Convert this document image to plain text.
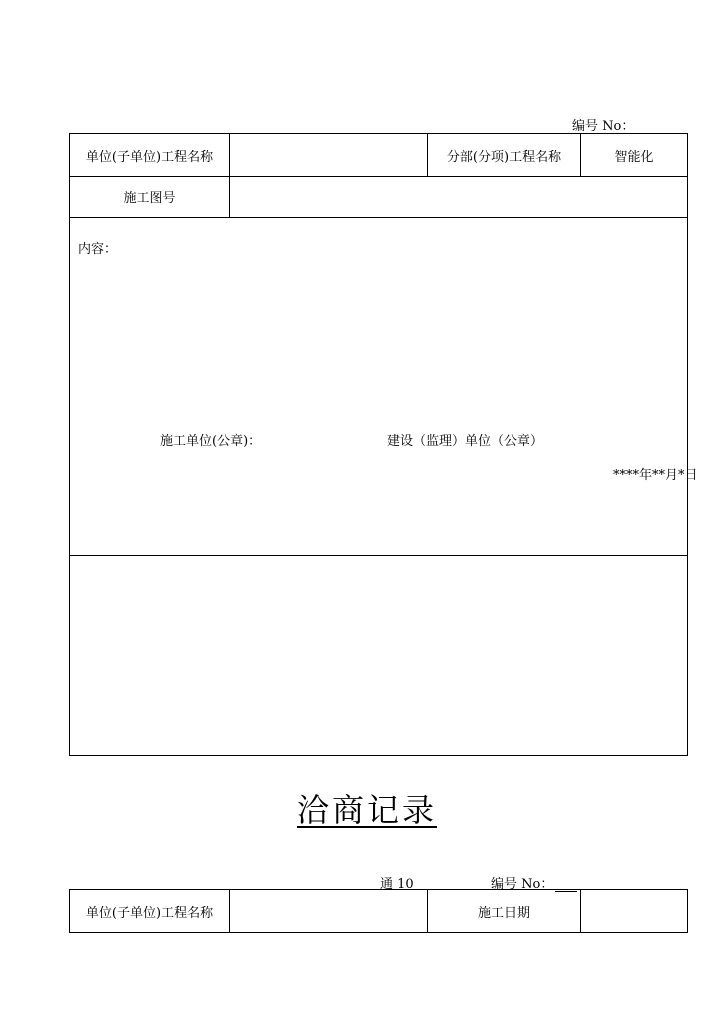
编号 No：
单位(子单位)工程名称	分部(分项)工程名称	智能化
施工图号
内容：
施工单位(公章)：	建设（监理）单位（公章）
****年**月*日
洽商记录
通 10	编号 No：
单位(子单位)工程名称	施工日期
